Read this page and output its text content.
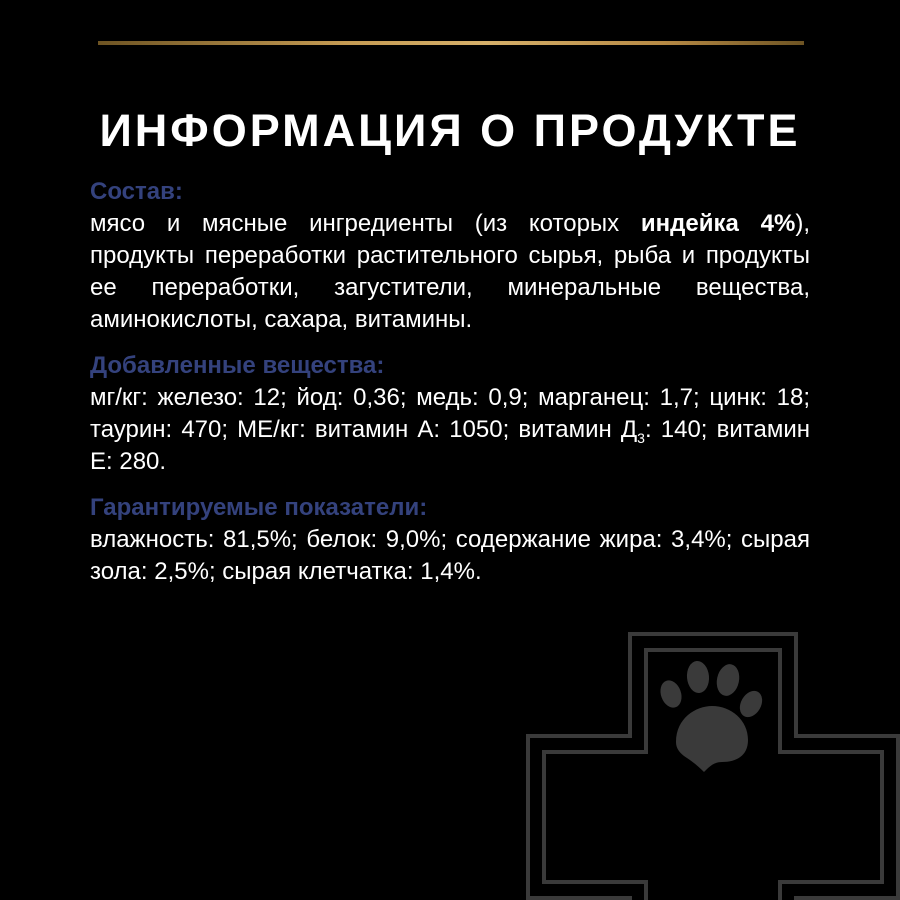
ИНФОРМАЦИЯ О ПРОДУКТЕ

Состав:

мясо и мясные ингредиенты (из которых индейка 4%), продукты переработки растительного сырья, рыба и продукты ее переработки, загустители, минеральные вещества, аминокислоты, сахара, витамины.

Добавленные вещества:

мг/кг: железо: 12; йод: 0,36; медь: 0,9; марганец: 1,7; цинк: 18; таурин: 470; МЕ/кг: витамин А: 1050; витамин $Д_3$: 140; витамин Е: 280.

Гарантируемые показатели:

влажность: 81,5%; белок: 9,0%; содержание жира: 3,4%; сырая зола: 2,5%; сырая клетчатка: 1,4%.
